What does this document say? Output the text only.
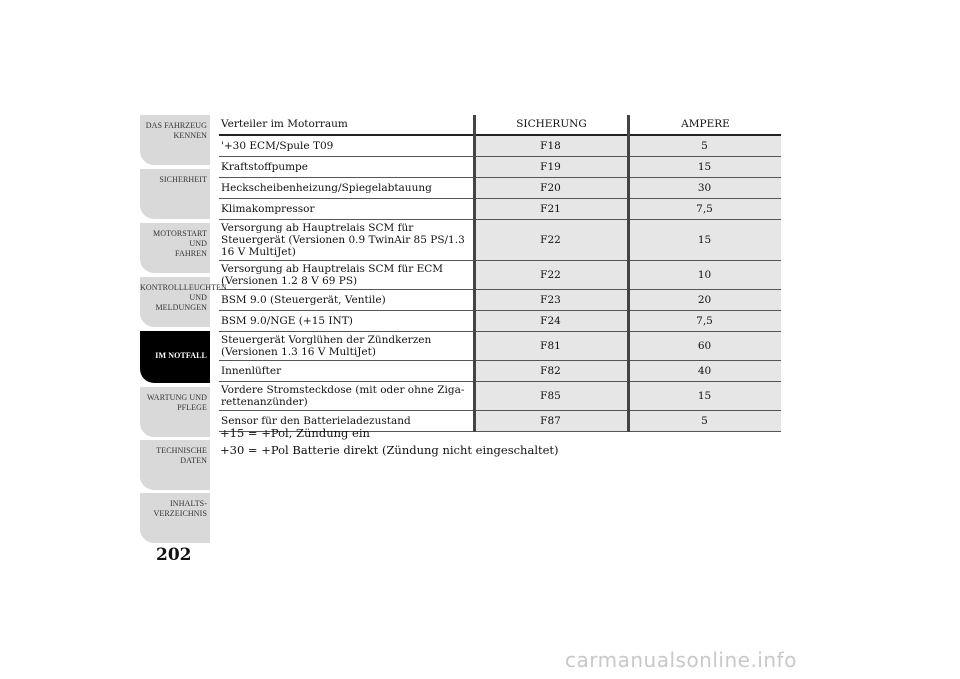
DAS FAHRZEUG
KENNEN
SICHERHEIT
MOTORSTART UND
FAHREN
KONTROLLLEUCHTEN
UND MELDUNGEN
IM NOTFALL
WARTUNG UND
PFLEGE
TECHNISCHE
DATEN
INHALTS-
VERZEICHNIS
202
Verteiler im Motorraum	SICHERUNG	AMPERE
'+30 ECM/Spule T09	F18	5
Kraftstoffpumpe	F19	15
Heckscheibenheizung/Spiegelabtauung	F20	30
Klimakompressor	F21	7,5
Versorgung ab Hauptrelais SCM für Steuergerät (Versionen 0.9 TwinAir 85 PS/1.3 16 V MultiJet)	F22	15
Versorgung ab Hauptrelais SCM für ECM (Versionen 1.2 8 V 69 PS)	F22	10
BSM 9.0 (Steuergerät, Ventile)	F23	20
BSM 9.0/NGE (+15 INT)	F24	7,5
Steuergerät Vorglühen der Zündkerzen (Versionen 1.3 16 V MultiJet)	F81	60
Innenlüfter	F82	40
Vordere Stromsteckdose (mit oder ohne Ziga-rettenanzünder)	F85	15
Sensor für den Batterieladezustand	F87	5
+15 = +Pol, Zündung ein
+30 = +Pol Batterie direkt (Zündung nicht eingeschaltet)
carmanualsonline.info
